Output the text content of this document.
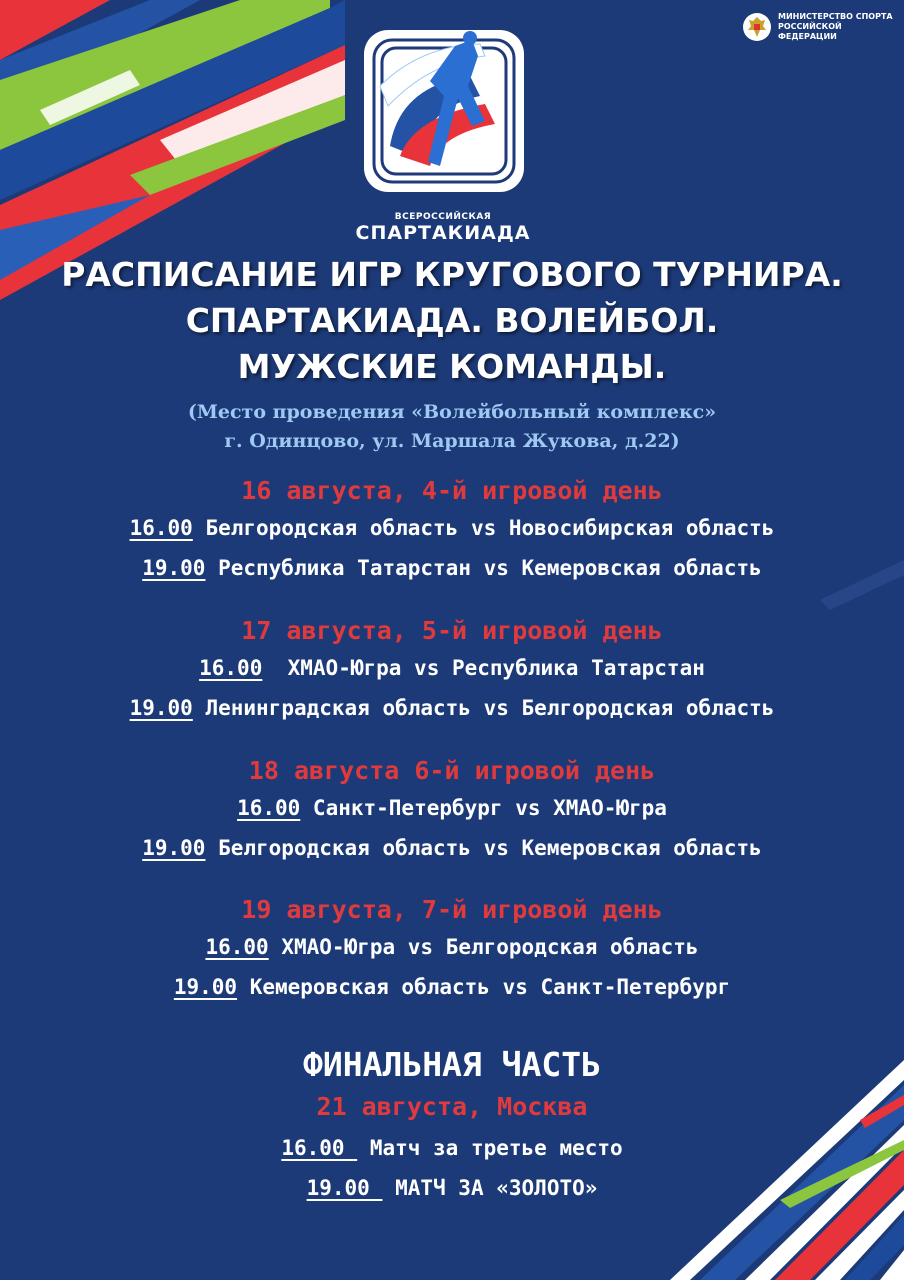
МИНИСТЕРСТВО СПОРТА
РОССИЙСКОЙ ФЕДЕРАЦИИ
ВСЕРОССИЙСКАЯ
СПАРТАКИАДА
РАСПИСАНИЕ ИГР КРУГОВОГО ТУРНИРА.
СПАРТАКИАДА. ВОЛЕЙБОЛ.
МУЖСКИЕ КОМАНДЫ.
(Место проведения «Волейбольный комплекс»
г. Одинцово, ул. Маршала Жукова, д.22)
16 августа, 4-й игровой день
16.00 Белгородская область vs Новосибирская область
19.00 Республика Татарстан vs Кемеровская область
17 августа, 5-й игровой день
16.00  ХМАО-Югра vs Республика Татарстан
19.00 Ленинградская область vs Белгородская область
18 августа 6-й игровой день
16.00 Санкт-Петербург vs ХМАО-Югра
19.00 Белгородская область vs Кемеровская область
19 августа, 7-й игровой день
16.00 ХМАО-Югра vs Белгородская область
19.00 Кемеровская область vs Санкт-Петербург
ФИНАЛЬНАЯ ЧАСТЬ
21 августа, Москва
16.00  Матч за третье место
19.00  МАТЧ ЗА «ЗОЛОТО»
